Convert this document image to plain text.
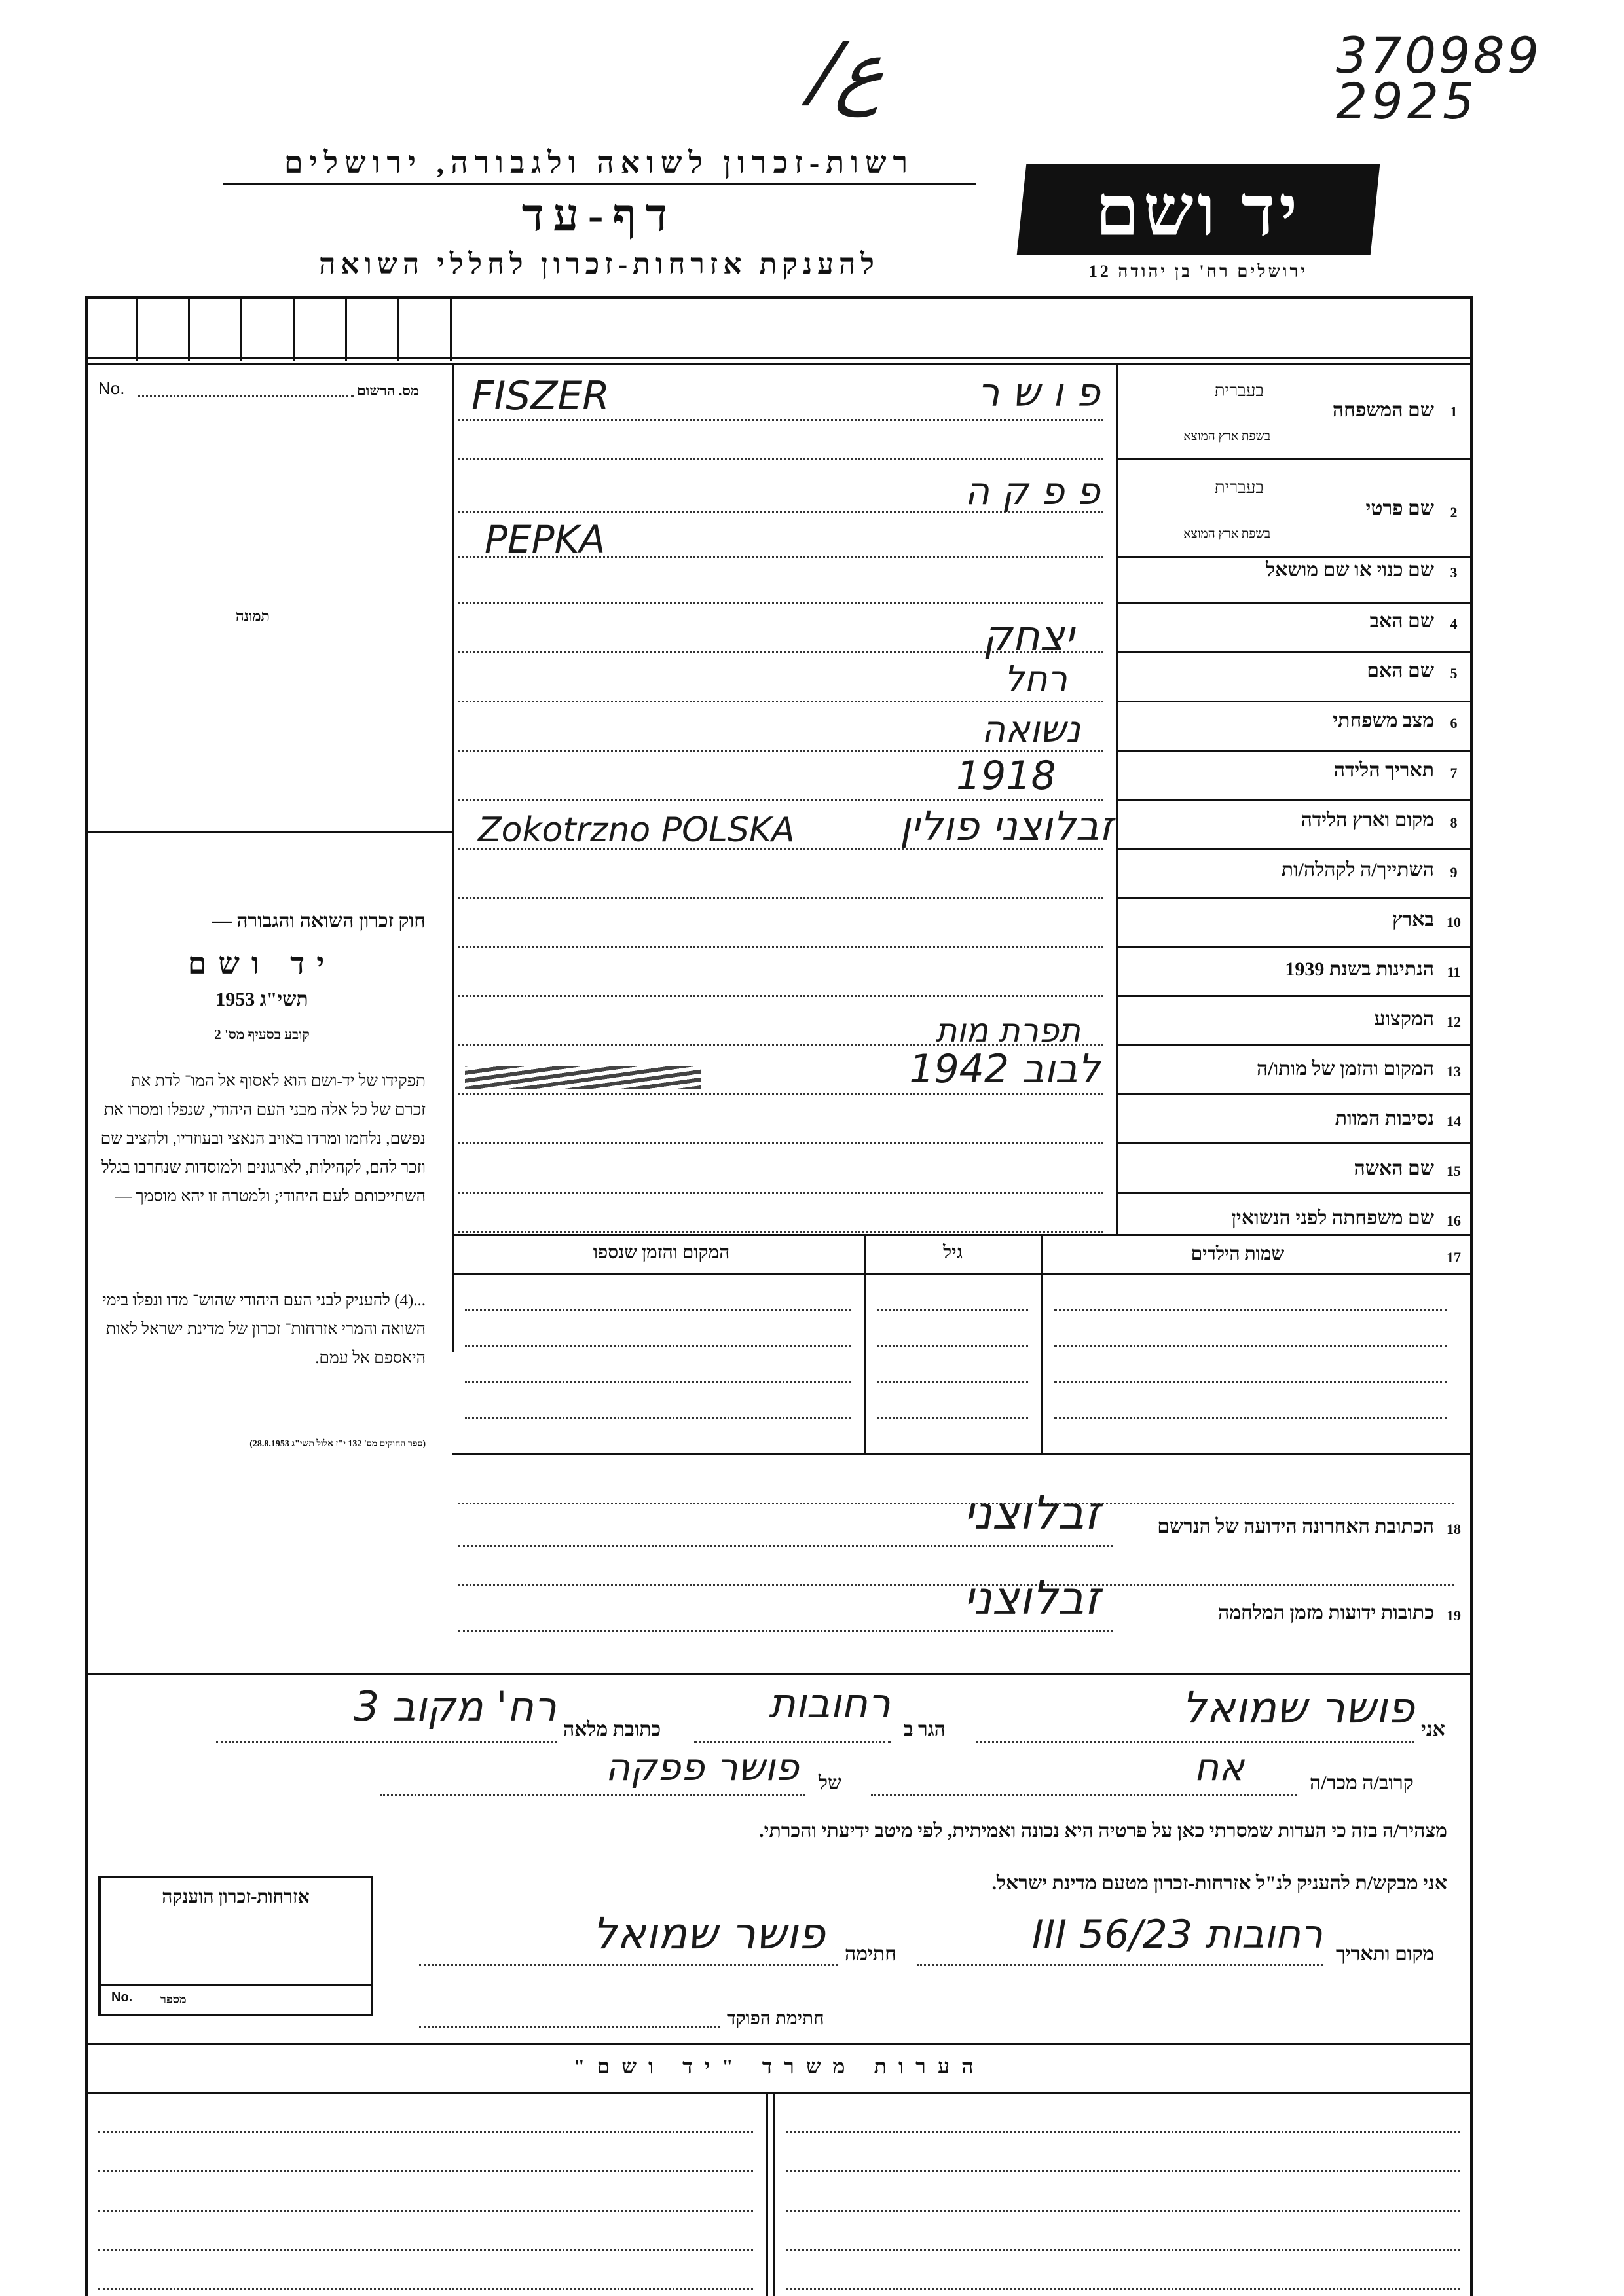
/ع	370989
2925
רשות-זכרון לשואה ולגבורה, ירושלים
דף-עד
להענקת אזרחות-זכרון לחללי השואה
יד ושם
ירושלים רח' בן יהודה 12
No.	מס. הרשום
תמונה
חוק זכרון השואה והגבורה —
יד ושם
תשי"ג 1953
קובע בסעיף מס' 2
תפקידו של יד-ושם הוא לאסוף אל המו־ לדת את זכרם של כל אלה מבני העם היהודי, שנפלו ומסרו את נפשם, נלחמו ומרדו באויב הנאצי ובעוזריו, ולהציב שם וזכר להם, לקהילות, לארגונים ולמוסדות שנחרבו בגלל השתייכותם לעם היהודי; ולמטרה זו יהא מוסמך —
...(4) להעניק לבני העם היהודי שהוש־ מדו ונפלו בימי השואה והמרי אזרחות־ זכרון של מדינת ישראל לאות היאספם אל עמם.
(ספר החוקים מס' 132 י"ז אלול תשי"ג 28.8.1953)
1
שם המשפחה
בעברית
בשפת ארץ המוצא
FISZER	פ ו ש ר
2
שם פרטי
בעברית
בשפת ארץ המוצא
פ פ ק ה
PEPKA
3
שם כנוי או שם מושאל
4
שם האב
יצחק
5
שם האם
רחל
6
מצב משפחתי
נשואה
7
תאריך הלידה
1918
8
מקום וארץ הלידה
Zokotrzno POLSKA	זבלוצני פולין
9
השתייך/ה לקהלה/ות
10
בארץ
11
הנתינות בשנת 1939
12
המקצוע
תפרת מות
13
המקום והזמן של מותו/ה
לבוב 1942
14
נסיבות המוות
15
שם האשה
16
שם משפחתה לפני הנשואין
17
שמות הילדים
גיל
המקום והזמן שנספו
18
הכתובת האחרונה הידועה של הנרשם
זבלוצני
19
כתובות ידועות מזמן המלחמה
זבלוצני
אני
פושר שמואל
הגר ב
רחובות
כתובת מלאה
רח' מקוב 3
קרוב/ה מכר/ה
אח
של
פושר פפקה
מצהיר/ה בזה כי העדות שמסרתי כאן על פרטיה היא נכונה ואמיתית, לפי מיטב ידיעתי והכרתי.
אני מבקש/ת להעניק לנ"ל אזרחות-זכרון מטעם מדינת ישראל.
מקום ותאריך
רחובות 23/III 56
חתימה
פושר שמואל
חתימת הפוקד
אזרחות-זכרון הוענקה
מספר
No.
הערות משרד "יד ושם"
